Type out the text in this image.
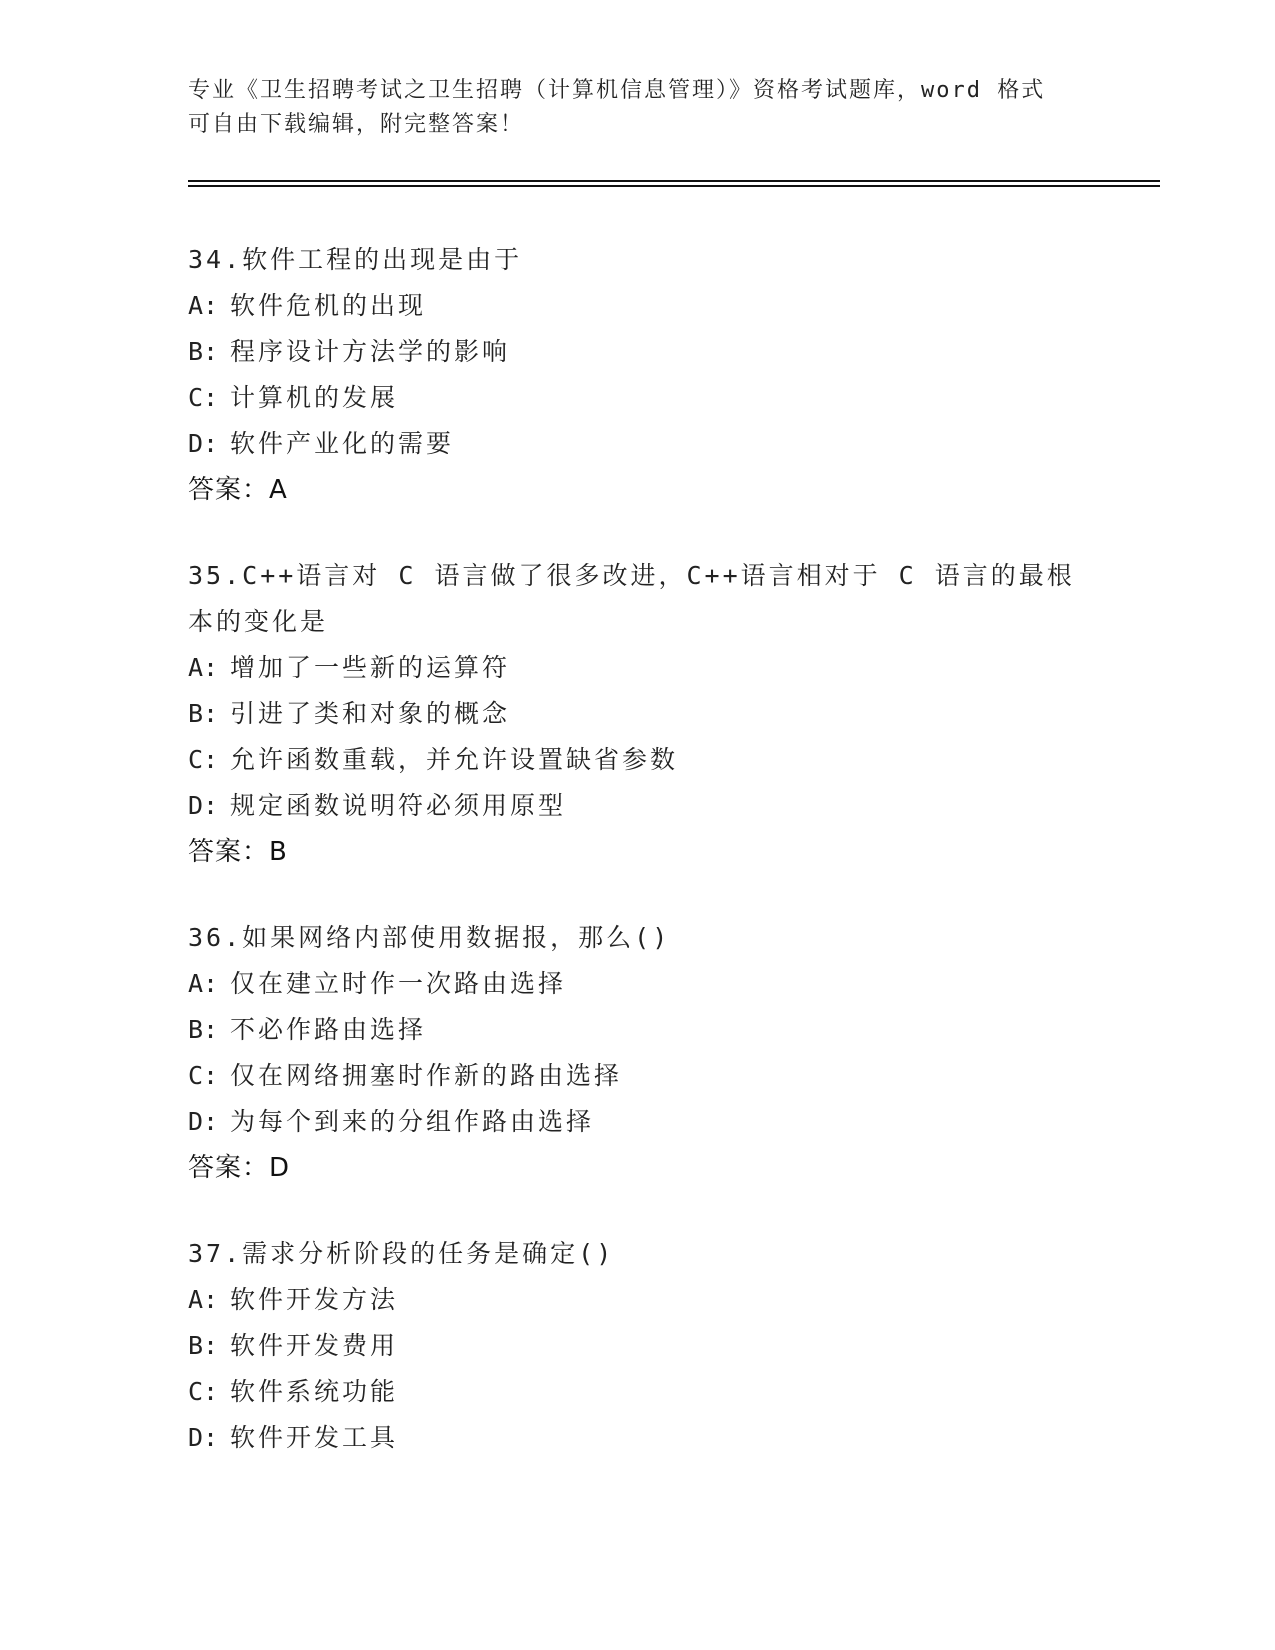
专业《卫生招聘考试之卫生招聘（计算机信息管理）》资格考试题库，word 格式
可自由下载编辑，附完整答案！
34.软件工程的出现是由于
A: 软件危机的出现
B: 程序设计方法学的影响
C: 计算机的发展
D: 软件产业化的需要
答案：A
35.C++语言对 C 语言做了很多改进，C++语言相对于 C 语言的最根本的变化是
A: 增加了一些新的运算符
B: 引进了类和对象的概念
C: 允许函数重载，并允许设置缺省参数
D: 规定函数说明符必须用原型
答案：B
36.如果网络内部使用数据报，那么()
A: 仅在建立时作一次路由选择
B: 不必作路由选择
C: 仅在网络拥塞时作新的路由选择
D: 为每个到来的分组作路由选择
答案：D
37.需求分析阶段的任务是确定()
A: 软件开发方法
B: 软件开发费用
C: 软件系统功能
D: 软件开发工具
